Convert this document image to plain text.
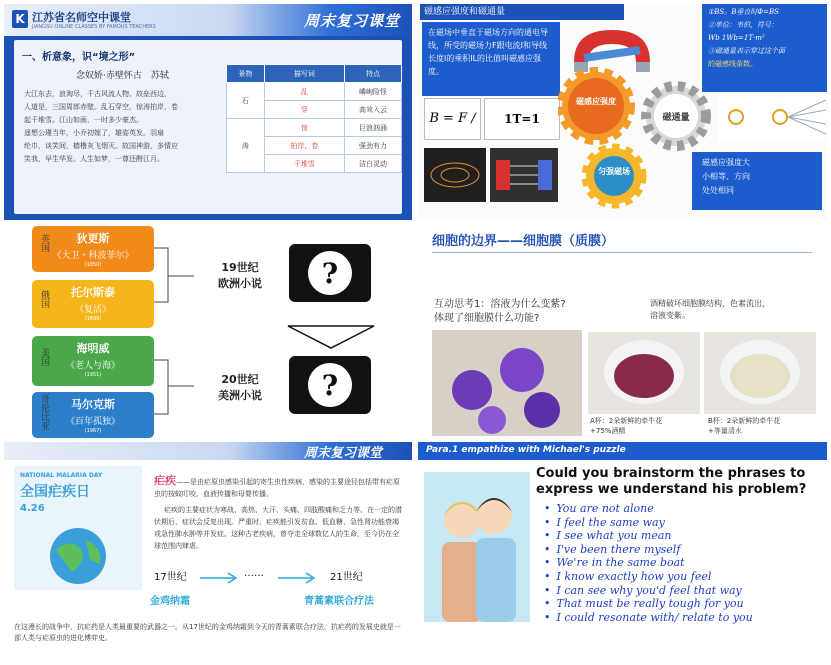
K 江苏省名师空中课堂
JIANGSU ONLINE CLASSES BY FAMOUS TEACHERS	周末复习课堂
一、析意象，识“境之形”
念奴娇·赤壁怀古　苏轼
大江东去，浪淘尽，千古风流人物。故垒西边，
人道是，三国周郎赤壁。乱石穿空，惊涛拍岸，卷
起千堆雪。江山如画，一时多少豪杰。
遥想公瑾当年，小乔初嫁了，雄姿英发。羽扇
纶巾，谈笑间，樯橹灰飞烟灭。故国神游，多情应
笑我，早生华发。人生如梦，一尊还酹江月。
景物	描写词	特点
石	乱	嶙峋险怪
	穿	高耸入云
涛	惊	巨浪汹涌
	拍岸，卷	强劲有力
	千堆雪	洁白灵动
磁感应强度和磁通量
在磁场中垂直于磁场方向的通电导线，所受的磁场力F跟电流I和导线长度l的乘积IL的比值叫磁感应强度。
①BS。B垂直时Φ=BS
②单位：韦伯，符号：
Wb 1Wb=1T·m²
③磁通量表示穿过这个面
的磁感线条数。
B = F /	1T=1
磁感应强度
磁通量
匀强磁场
磁感应强度大
小相等、方向
处处相同
狄更斯
《大卫・科波菲尔》
(1850)
托尔斯泰
《复活》
(1899)
海明威
《老人与海》
(1951)
马尔克斯
《百年孤独》
(1967)
英国
俄国
美国
哥伦比亚
19世纪
欧洲小说
20世纪
美洲小说
?
?
细胞的边界——细胞膜（质膜）
互动思考1：溶液为什么变紫?
体现了细胞膜什么功能?
酒精破坏细胞膜结构，色素流出，
溶液变紫。
A杯：2朵新鲜的牵牛花
+75%酒精
B杯：2朵新鲜的牵牛花
+等量清水
周末复习课堂
NATIONAL MALARIA DAY
全国疟疾日
4.26
疟疾——是由疟原虫感染引起的寄生虫性疾病，感染的主要途径包括带有疟原虫的按蚊叮咬、血液传播和母婴传播。
疟疾的主要症状为寒战、高热、大汗、头痛、四肢酸痛和乏力等。在一定的潜伏期后，症状会反复出现。严重时，疟疾能引发贫血、低血糖、急性肾功能衰竭或急性肺水肿等并发症。这种古老疾病，曾夺走全球数亿人的生命，至今仍在全球范围内肆虐。
17世纪	……	21世纪
金鸡纳霜	青蒿素联合疗法
在这漫长的战争中，抗疟药是人类最重要的武器之一。从17世纪的金鸡纳霜到今天的青蒿素联合疗法，抗疟药的发展史就是一部人类与疟原虫的进化博弈史。
Para.1 empathize with Michael's puzzle
Could you brainstorm the phrases to express we understand his problem?
• You are not alone
• I feel the same way
• I see what you mean
• I've been there myself
• We're in the same boat
• I know exactly how you feel
• I can see why you'd feel that way
• That must be really tough for you
• I could resonate with/ relate to you
